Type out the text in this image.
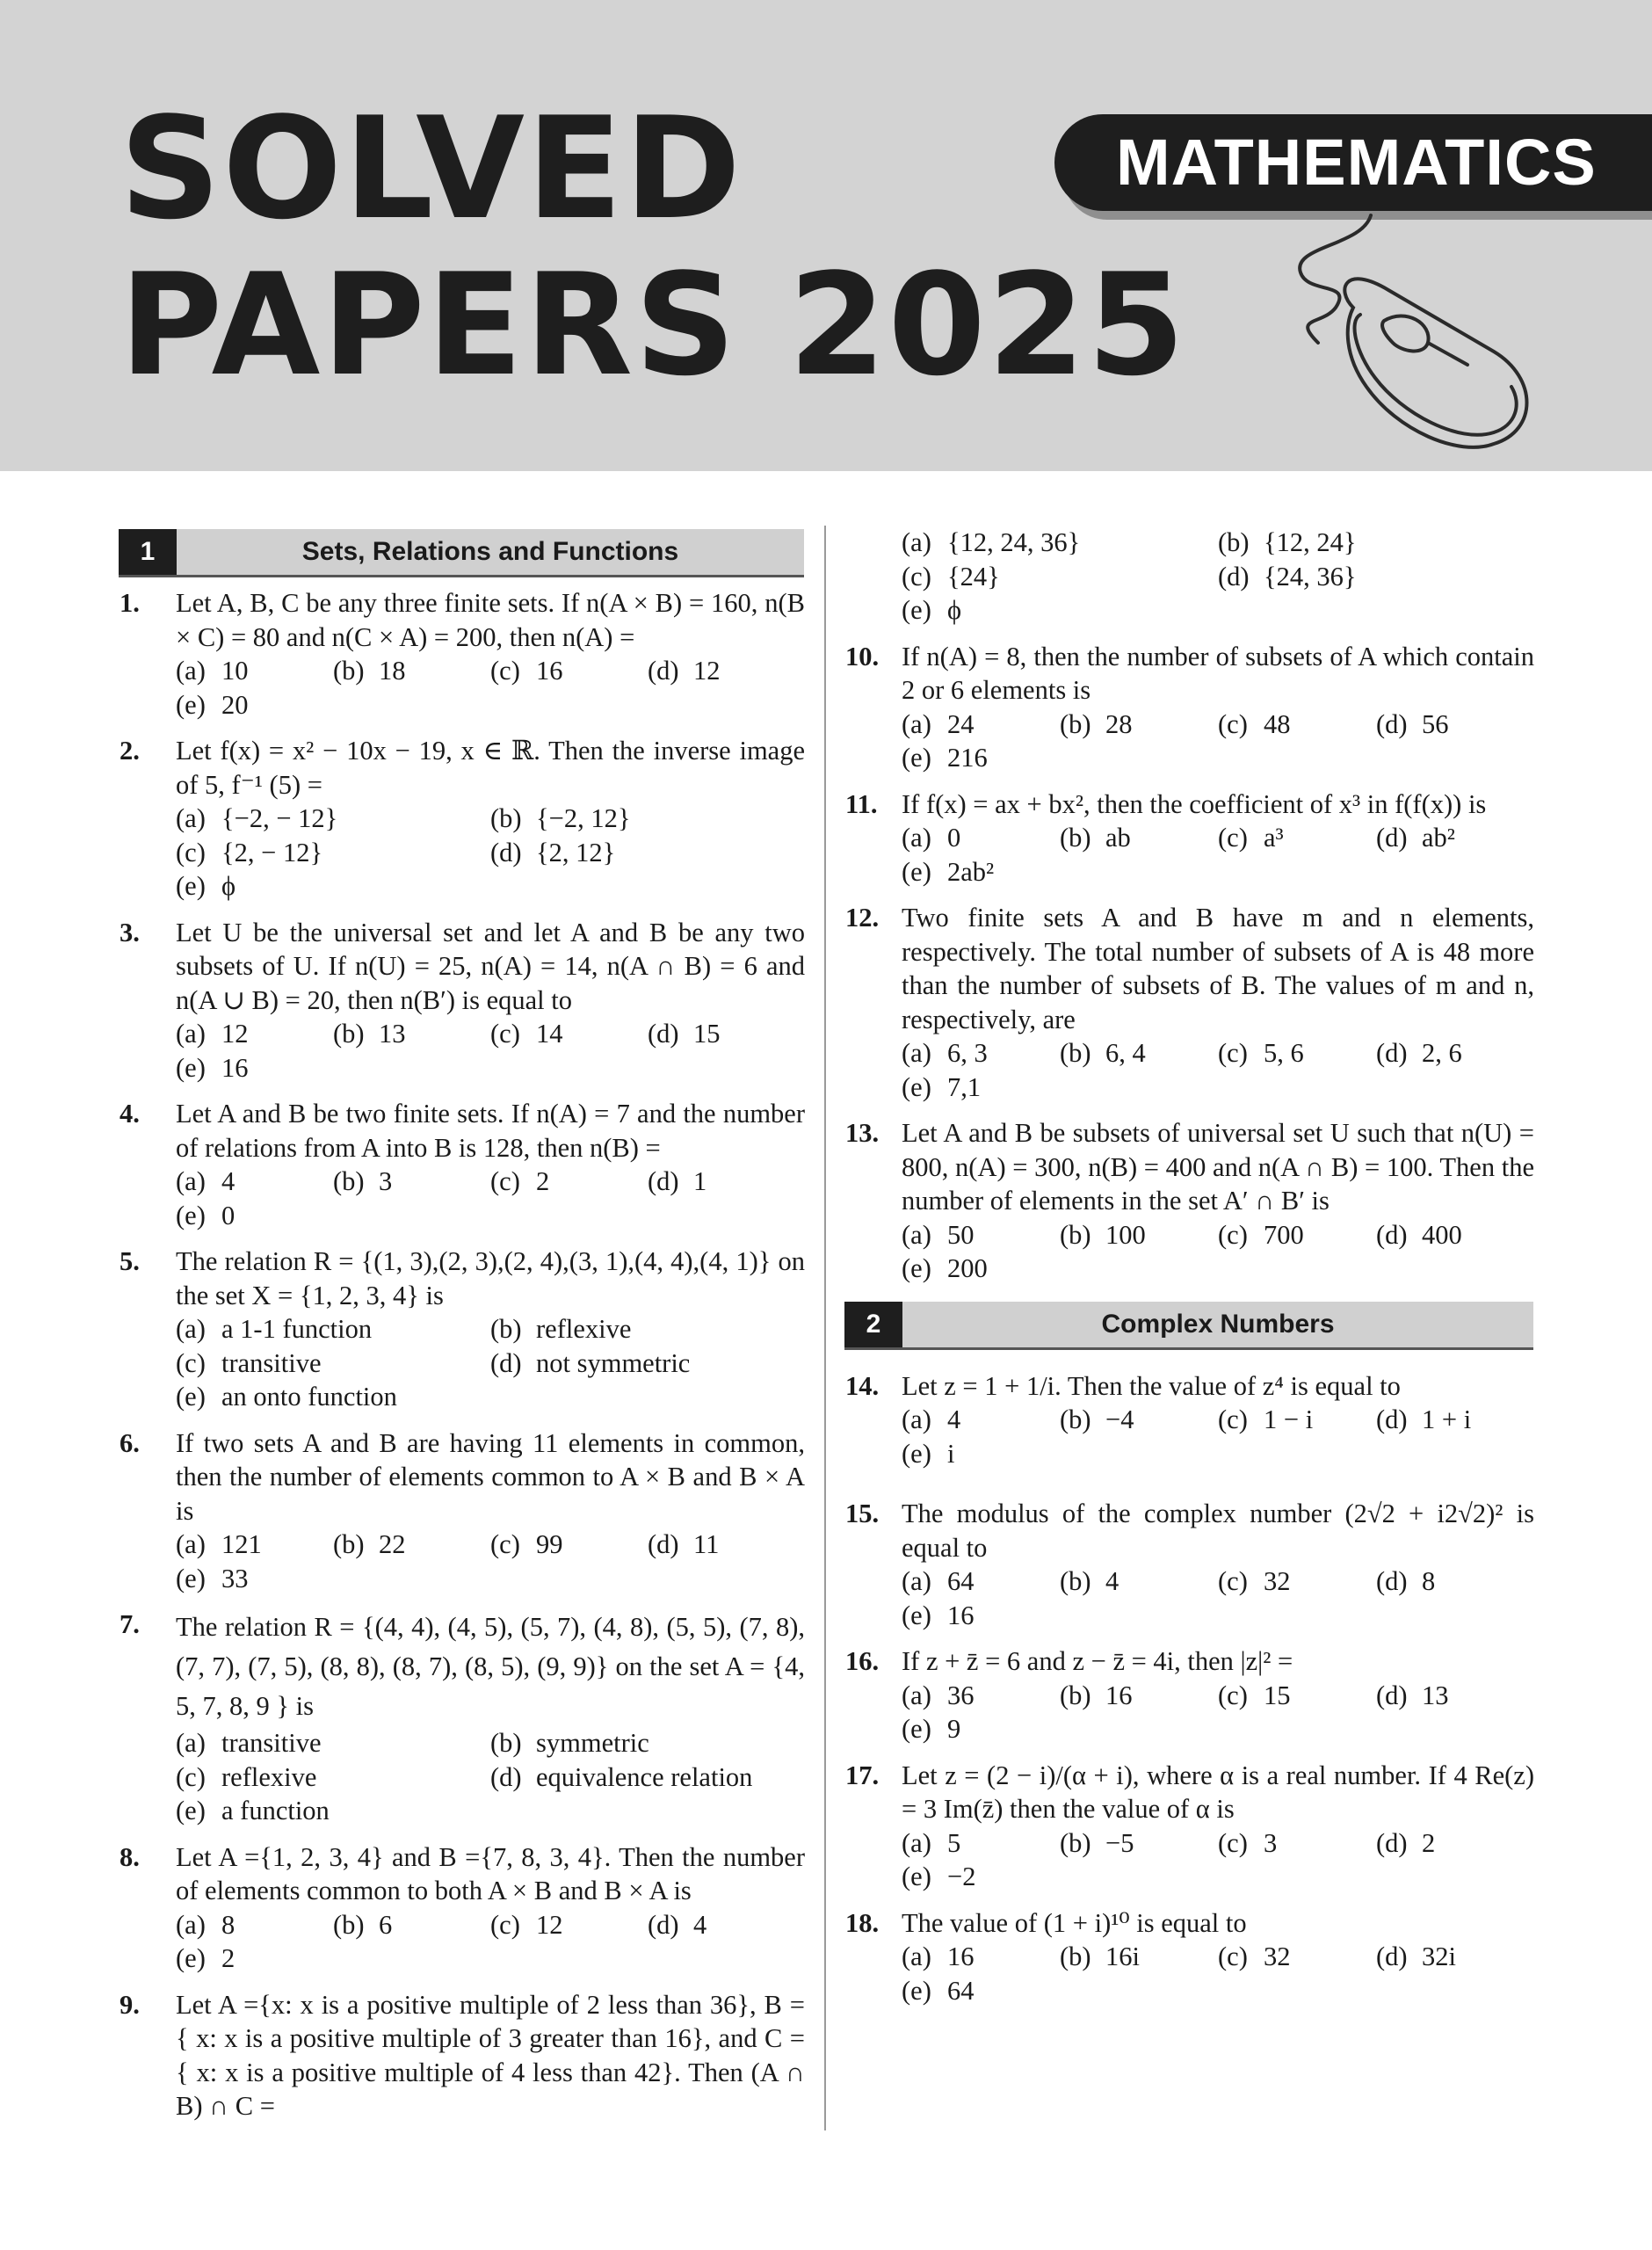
SOLVED
PAPERS 2025
MATHEMATICS
1	Sets, Relations and Functions
1. Let A, B, C be any three finite sets. If n(A × B) = 160, n(B × C) = 80 and n(C × A) = 200, then n(A) =
(a) 10	(b) 18	(c) 16	(d) 12
(e) 20
2. Let f(x) = x² − 10x − 19, x ∈ ℝ. Then the inverse image of 5, f⁻¹ (5) =
(a) {−2, − 12}	(b) {−2, 12}
(c) {2, − 12}	(d) {2, 12}
(e) ϕ
3. Let U be the universal set and let A and B be any two subsets of U. If n(U) = 25, n(A) = 14, n(A ∩ B) = 6 and n(A ∪ B) = 20, then n(B′) is equal to
(a) 12	(b) 13	(c) 14	(d) 15
(e) 16
4. Let A and B be two finite sets. If n(A) = 7 and the number of relations from A into B is 128, then n(B) =
(a) 4	(b) 3	(c) 2	(d) 1
(e) 0
5. The relation R = {(1, 3),(2, 3),(2, 4),(3, 1),(4, 4),(4, 1)} on the set X = {1, 2, 3, 4} is
(a) a 1-1 function	(b) reflexive
(c) transitive	(d) not symmetric
(e) an onto function
6. If two sets A and B are having 11 elements in common, then the number of elements common to A × B and B × A is
(a) 121	(b) 22	(c) 99	(d) 11
(e) 33
7. The relation R = {(4, 4), (4, 5), (5, 7), (4, 8), (5, 5), (7, 8), (7, 7), (7, 5), (8, 8), (8, 7), (8, 5), (9, 9)} on the set A = {4, 5, 7, 8, 9 } is
(a) transitive	(b) symmetric
(c) reflexive	(d) equivalence relation
(e) a function
8. Let A ={1, 2, 3, 4} and B ={7, 8, 3, 4}. Then the number of elements common to both A × B and B × A is
(a) 8	(b) 6	(c) 12	(d) 4
(e) 2
9. Let A ={x: x is a positive multiple of 2 less than 36}, B = { x: x is a positive multiple of 3 greater than 16}, and C = { x: x is a positive multiple of 4 less than 42}. Then (A ∩ B) ∩ C =
(a) {12, 24, 36}	(b) {12, 24}
(c) {24}	(d) {24, 36}
(e) ϕ
10. If n(A) = 8, then the number of subsets of A which contain 2 or 6 elements is
(a) 24	(b) 28	(c) 48	(d) 56
(e) 216
11. If f(x) = ax + bx², then the coefficient of x³ in f(f(x)) is
(a) 0	(b) ab	(c) a³	(d) ab²
(e) 2ab²
12. Two finite sets A and B have m and n elements, respectively. The total number of subsets of A is 48 more than the number of subsets of B. The values of m and n, respectively, are
(a) 6, 3	(b) 6, 4	(c) 5, 6	(d) 2, 6
(e) 7,1
13. Let A and B be subsets of universal set U such that n(U) = 800, n(A) = 300, n(B) = 400 and n(A ∩ B) = 100. Then the number of elements in the set A′ ∩ B′ is
(a) 50	(b) 100	(c) 700	(d) 400
(e) 200
2	Complex Numbers
14. Let z = 1 + 1/i. Then the value of z⁴ is equal to
(a) 4	(b) −4	(c) 1 − i	(d) 1 + i
(e) i
15. The modulus of the complex number (2√2 + i2√2)² is equal to
(a) 64	(b) 4	(c) 32	(d) 8
(e) 16
16. If z + z̄ = 6 and z − z̄ = 4i, then |z|² =
(a) 36	(b) 16	(c) 15	(d) 13
(e) 9
17. Let z = (2 − i)/(α + i), where α is a real number. If 4 Re(z) = 3 Im(z̄) then the value of α is
(a) 5	(b) −5	(c) 3	(d) 2
(e) −2
18. The value of (1 + i)¹⁰ is equal to
(a) 16	(b) 16i	(c) 32	(d) 32i
(e) 64
